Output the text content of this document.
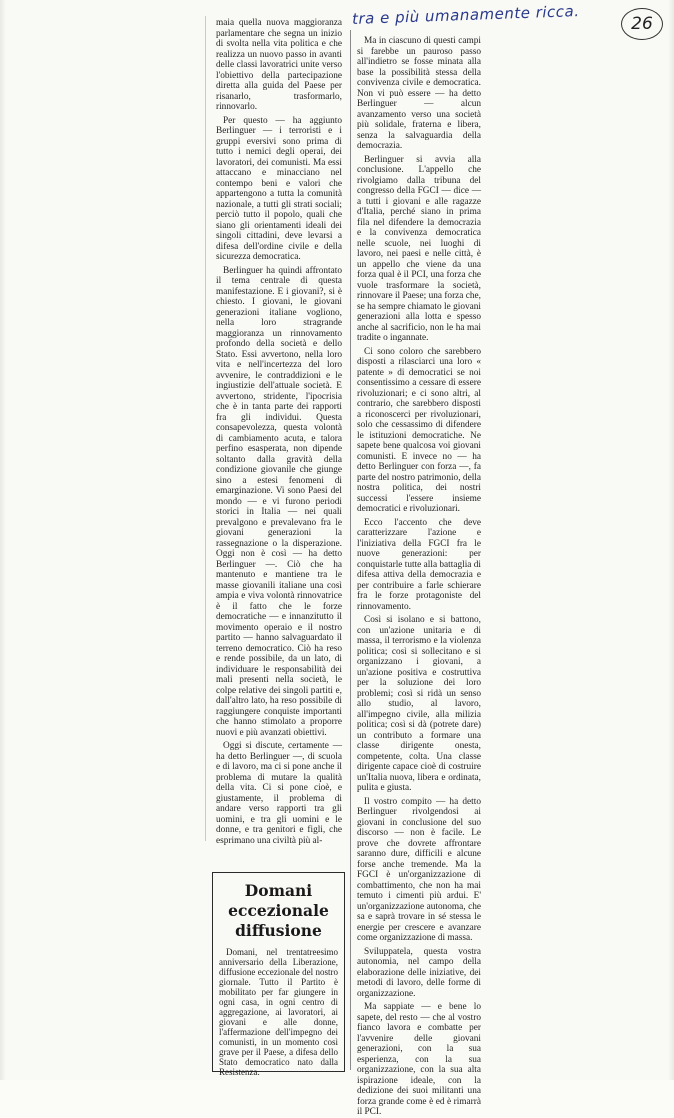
tra e più umanamente ricca.	26

maia quella nuova maggioranza parlamentare che segna un inizio di svolta nella vita politica e che realizza un nuovo passo in avanti delle classi lavoratrici unite verso l'obiettivo della partecipazione diretta alla guida del Paese per risanarlo, trasformarlo, rinnovarlo.

Per questo — ha aggiunto Berlinguer — i terroristi e i gruppi eversivi sono prima di tutto i nemici degli operai, dei lavoratori, dei comunisti. Ma essi attaccano e minacciano nel contempo beni e valori che appartengono a tutta la comunità nazionale, a tutti gli strati sociali; perciò tutto il popolo, quali che siano gli orientamenti ideali dei singoli cittadini, deve levarsi a difesa dell'ordine civile e della sicurezza democratica.

Berlinguer ha quindi affrontato il tema centrale di questa manifestazione. E i giovani?, si è chiesto. I giovani, le giovani generazioni italiane vogliono, nella loro stragrande maggioranza un rinnovamento profondo della società e dello Stato. Essi avvertono, nella loro vita e nell'incertezza del loro avvenire, le contraddizioni e le ingiustizie dell'attuale società. E avvertono, stridente, l'ipocrisia che è in tanta parte dei rapporti fra gli individui. Questa consapevolezza, questa volontà di cambiamento acuta, e talora perfino esasperata, non dipende soltanto dalla gravità della condizione giovanile che giunge sino a estesi fenomeni di emarginazione. Vi sono Paesi del mondo — e vi furono periodi storici in Italia — nei quali prevalgono e prevalevano fra le giovani generazioni la rassegnazione o la disperazione. Oggi non è così — ha detto Berlinguer —. Ciò che ha mantenuto e mantiene tra le masse giovanili italiane una così ampia e viva volontà rinnovatrice è il fatto che le forze democratiche — e innanzitutto il movimento operaio e il nostro partito — hanno salvaguardato il terreno democratico. Ciò ha reso e rende possibile, da un lato, di individuare le responsabilità dei mali presenti nella società, le colpe relative dei singoli partiti e, dall'altro lato, ha reso possibile di raggiungere conquiste importanti che hanno stimolato a proporre nuovi e più avanzati obiettivi.

Oggi si discute, certamente — ha detto Berlinguer —, di scuola e di lavoro, ma ci si pone anche il problema di mutare la qualità della vita. Ci si pone cioè, e giustamente, il problema di andare verso rapporti tra gli uomini, e tra gli uomini e le donne, e tra genitori e figli, che esprimano una civiltà più al-

Ma in ciascuno di questi campi si farebbe un pauroso passo all'indietro se fosse minata alla base la possibilità stessa della convivenza civile e democratica. Non vi può essere — ha detto Berlinguer — alcun avanzamento verso una società più solidale, fraterna e libera, senza la salvaguardia della democrazia.

Berlinguer si avvia alla conclusione. L'appello che rivolgiamo dalla tribuna del congresso della FGCI — dice — a tutti i giovani e alle ragazze d'Italia, perché siano in prima fila nel difendere la democrazia e la convivenza democratica nelle scuole, nei luoghi di lavoro, nei paesi e nelle città, è un appello che viene da una forza qual è il PCI, una forza che vuole trasformare la società, rinnovare il Paese; una forza che, se ha sempre chiamato le giovani generazioni alla lotta e spesso anche al sacrificio, non le ha mai tradite o ingannate.

Ci sono coloro che sarebbero disposti a rilasciarci una loro « patente » di democratici se noi consentissimo a cessare di essere rivoluzionari; e ci sono altri, al contrario, che sarebbero disposti a riconoscerci per rivoluzionari, solo che cessassimo di difendere le istituzioni democratiche. Ne sapete bene qualcosa voi giovani comunisti. E invece no — ha detto Berlinguer con forza —, fa parte del nostro patrimonio, della nostra politica, dei nostri successi l'essere insieme democratici e rivoluzionari.

Ecco l'accento che deve caratterizzare l'azione e l'iniziativa della FGCI fra le nuove generazioni: per conquistarle tutte alla battaglia di difesa attiva della democrazia e per contribuire a farle schierare fra le forze protagoniste del rinnovamento.

Così si isolano e si battono, con un'azione unitaria e di massa, il terrorismo e la violenza politica; così si sollecitano e si organizzano i giovani, a un'azione positiva e costruttiva per la soluzione dei loro problemi; così si ridà un senso allo studio, al lavoro, all'impegno civile, alla milizia politica; così si dà (potrete dare) un contributo a formare una classe dirigente onesta, competente, colta. Una classe dirigente capace cioè di costruire un'Italia nuova, libera e ordinata, pulita e giusta.

Il vostro compito — ha detto Berlinguer rivolgendosi ai giovani in conclusione del suo discorso — non è facile. Le prove che dovrete affrontare saranno dure, difficili e alcune forse anche tremende. Ma la FGCI è un'organizzazione di combattimento, che non ha mai temuto i cimenti più ardui. E' un'organizzazione autonoma, che sa e saprà trovare in sé stessa le energie per crescere e avanzare come organizzazione di massa.

Sviluppatela, questa vostra autonomia, nel campo della elaborazione delle iniziative, dei metodi di lavoro, delle forme di organizzazione.

Ma sappiate — e bene lo sapete, del resto — che al vostro fianco lavora e combatte per l'avvenire delle giovani generazioni, con la sua esperienza, con la sua organizzazione, con la sua alta ispirazione ideale, con la dedizione dei suoi militanti una forza grande come è ed è rimarrà il PCI.

Domani eccezionale diffusione
Domani, nel trentatreesimo anniversario della Liberazione, diffusione eccezionale del nostro giornale. Tutto il Partito è mobilitato per far giungere in ogni casa, in ogni centro di aggregazione, ai lavoratori, ai giovani e alle donne, l'affermazione dell'impegno dei comunisti, in un momento così grave per il Paese, a difesa dello Stato democratico nato dalla Resistenza.
